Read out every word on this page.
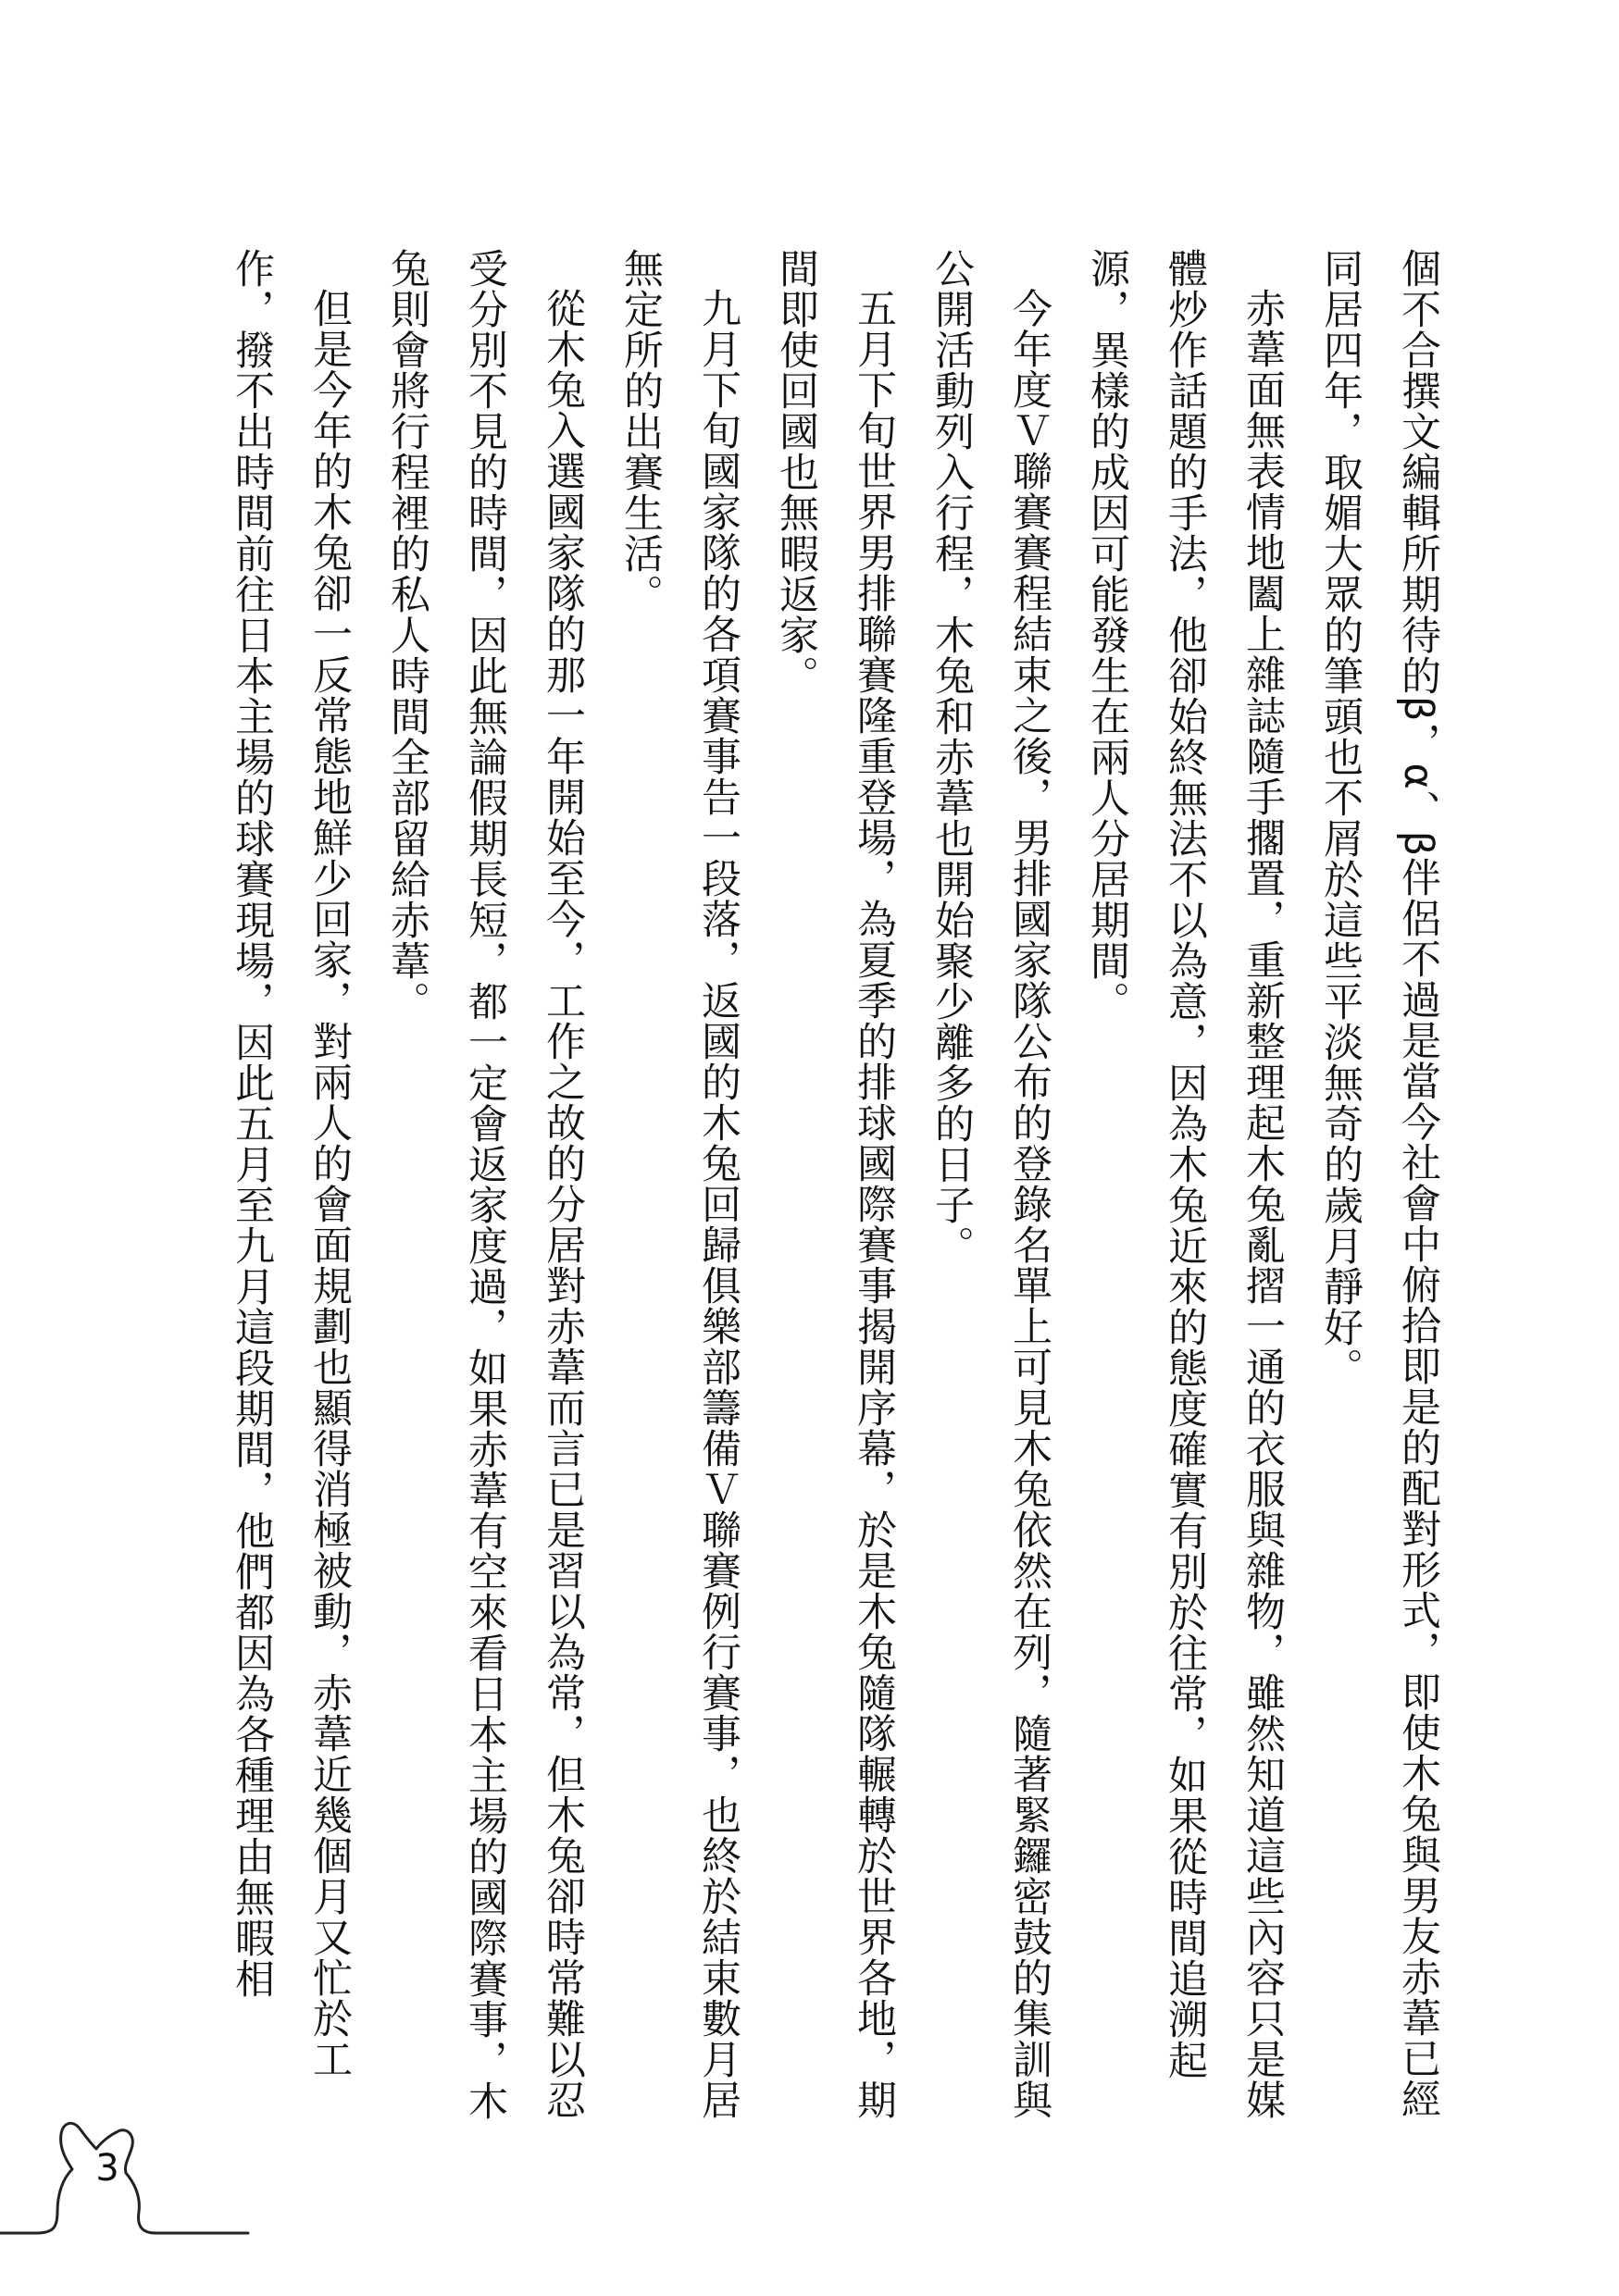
個不合撰文編輯所期待的β，α、β伴侶不過是當今社會中俯拾即是的配對形式，即使木兔與男友赤葦已經同居四年，取媚大眾的筆頭也不屑於這些平淡無奇的歲月靜好。

赤葦面無表情地闔上雜誌隨手擱置，重新整理起木兔亂摺一通的衣服與雜物，雖然知道這些內容只是媒體炒作話題的手法，他卻始終無法不以為意，因為木兔近來的態度確實有別於往常，如果從時間追溯起源，異樣的成因可能發生在兩人分居期間。

今年度Ｖ聯賽賽程結束之後，男排國家隊公布的登錄名單上可見木兔依然在列，隨著緊鑼密鼓的集訓與公開活動列入行程，木兔和赤葦也開始聚少離多的日子。

五月下旬世界男排聯賽隆重登場，為夏季的排球國際賽事揭開序幕，於是木兔隨隊輾轉於世界各地，期間即使回國也無暇返家。

九月下旬國家隊的各項賽事告一段落，返國的木兔回歸俱樂部籌備Ｖ聯賽例行賽事，也終於結束數月居無定所的出賽生活。

從木兔入選國家隊的那一年開始至今，工作之故的分居對赤葦而言已是習以為常，但木兔卻時常難以忍受分別不見的時間，因此無論假期長短，都一定會返家度過，如果赤葦有空來看日本主場的國際賽事，木兔則會將行程裡的私人時間全部留給赤葦。

但是今年的木兔卻一反常態地鮮少回家，對兩人的會面規劃也顯得消極被動，赤葦近幾個月又忙於工作，撥不出時間前往日本主場的球賽現場，因此五月至九月這段期間，他們都因為各種理由無暇相

3
